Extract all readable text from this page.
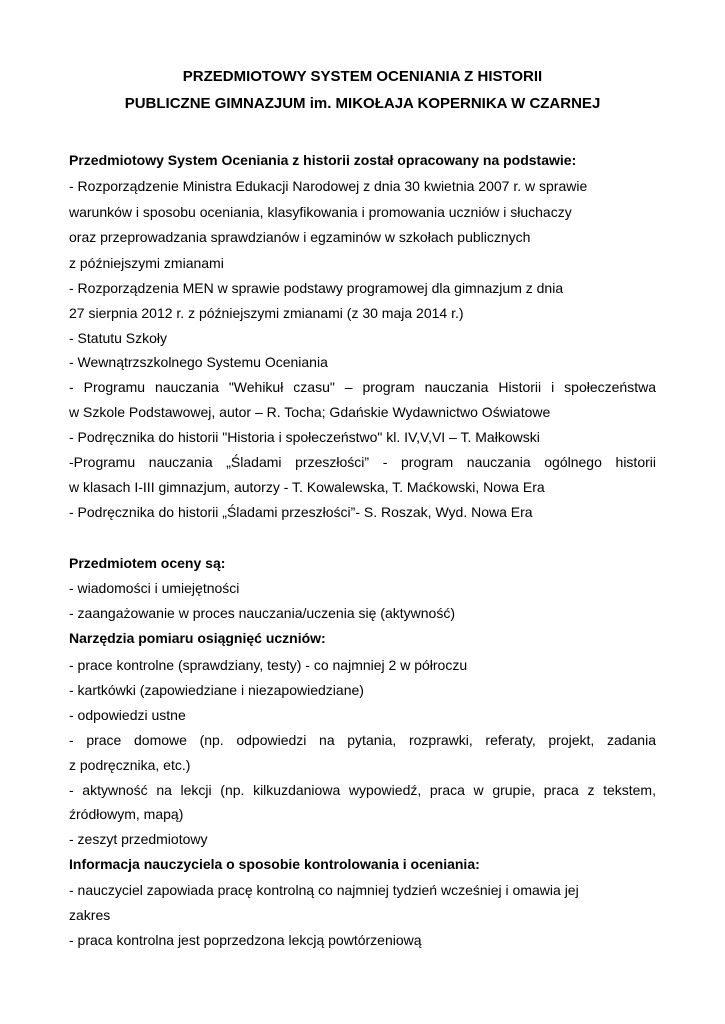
PRZEDMIOTOWY SYSTEM OCENIANIA Z HISTORII
PUBLICZNE GIMNAZJUM im. MIKOŁAJA KOPERNIKA W CZARNEJ
Przedmiotowy System Oceniania z historii został opracowany na podstawie:
- Rozporządzenie Ministra Edukacji Narodowej z dnia 30 kwietnia 2007 r. w sprawie
warunków i sposobu oceniania, klasyfikowania i promowania uczniów i słuchaczy
oraz przeprowadzania sprawdzianów i egzaminów w szkołach publicznych
z późniejszymi zmianami
- Rozporządzenia MEN w sprawie podstawy programowej dla gimnazjum z dnia
27 sierpnia 2012 r. z późniejszymi zmianami (z 30 maja 2014 r.)
- Statutu Szkoły
- Wewnątrzszkolnego Systemu Oceniania
- Programu nauczania "Wehikuł czasu" – program nauczania Historii i społeczeństwa
w Szkole Podstawowej, autor – R. Tocha; Gdańskie Wydawnictwo Oświatowe
- Podręcznika do historii "Historia i społeczeństwo" kl. IV,V,VI – T. Małkowski
-Programu nauczania „Śladami przeszłości” - program nauczania ogólnego historii
w klasach I-III gimnazjum, autorzy - T. Kowalewska, T. Maćkowski, Nowa Era
- Podręcznika do historii „Śladami przeszłości”- S. Roszak, Wyd. Nowa Era
Przedmiotem oceny są:
- wiadomości i umiejętności
- zaangażowanie w proces nauczania/uczenia się (aktywność)
Narzędzia pomiaru osiągnięć uczniów:
- prace kontrolne (sprawdziany, testy) - co najmniej 2 w półroczu
- kartkówki (zapowiedziane i niezapowiedziane)
- odpowiedzi ustne
- prace domowe (np. odpowiedzi na pytania, rozprawki, referaty, projekt, zadania
z podręcznika, etc.)
- aktywność na lekcji (np. kilkuzdaniowa wypowiedź, praca w grupie, praca z tekstem,
źródłowym, mapą)
- zeszyt przedmiotowy
Informacja nauczyciela o sposobie kontrolowania i oceniania:
- nauczyciel zapowiada pracę kontrolną co najmniej tydzień wcześniej i omawia jej
zakres
- praca kontrolna jest poprzedzona lekcją powtórzeniową
